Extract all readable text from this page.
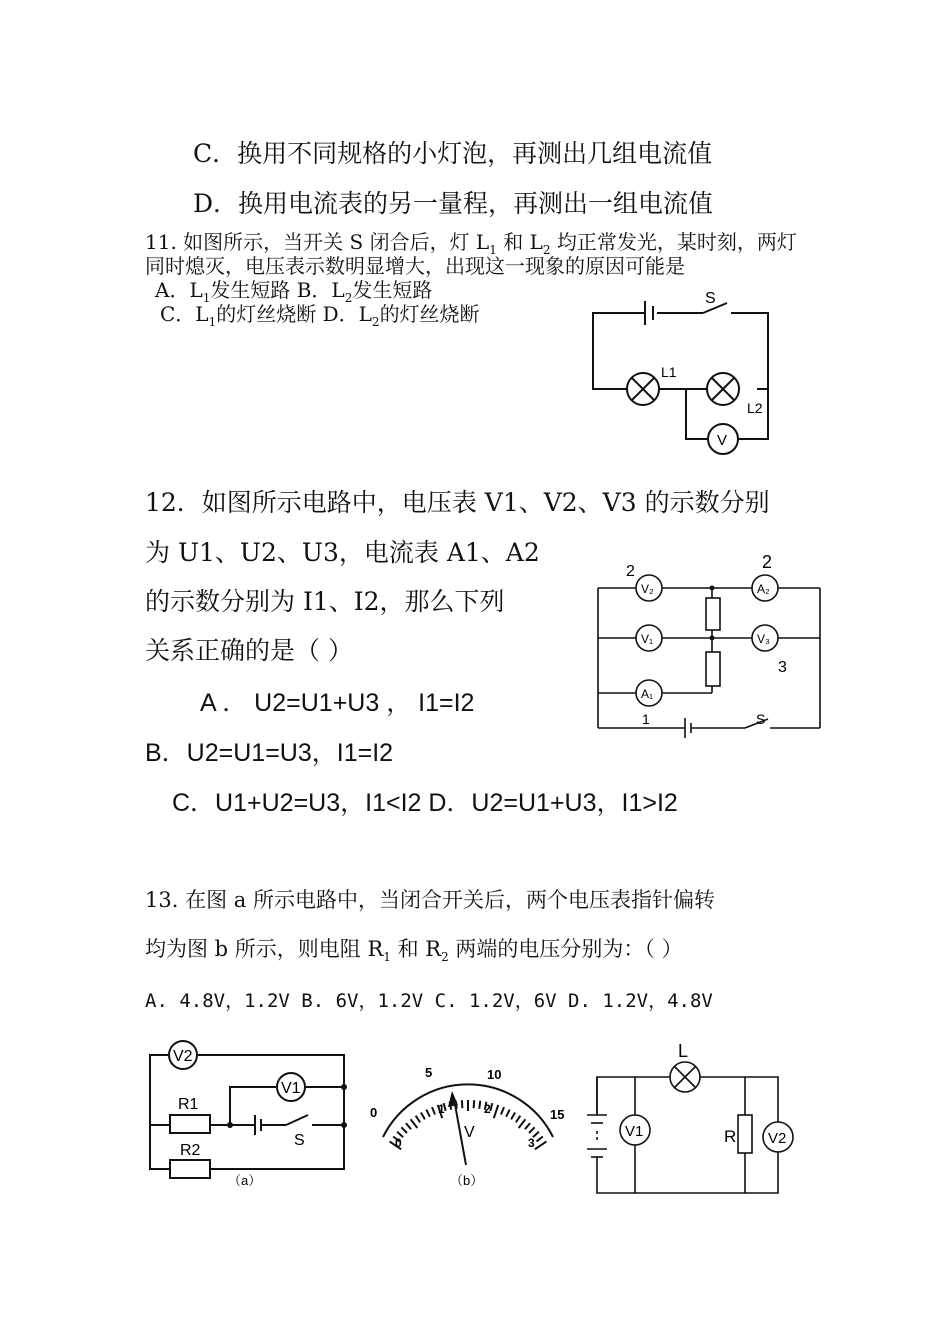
C．换用不同规格的小灯泡，再测出几组电流值
D．换用电流表的另一量程，再测出一组电流值
11. 如图所示，当开关 S 闭合后，灯 $L_1$ 和 $L_2$ 均正常发光，某时刻，两灯
同时熄灭，电压表示数明显增大，出现这一现象的原因可能是
A．$L_1$发生短路 B．$L_2$发生短路
C．$L_1$的灯丝烧断 D．$L_2$的灯丝烧断
S
L1
L2
V
12．如图所示电路中，电压表 V1、V2、V3 的示数分别
为 U1、U2、U3，电流表 A1、A2
的示数分别为 I1、I2，那么下列
关系正确的是（ ）
A ． U2=U1+U3 ， I1=I2
B．U2=U1=U3，I1=I2
C．U1+U2=U3，I1<I2 D．U2=U1+U3，I1>I2
V₂	A₂
V₁	V₃
A₁
S
2	2
3
1
13. 在图 a 所示电路中，当闭合开关后，两个电压表指针偏转
均为图 b 所示，则电阻 $R_1$ 和 $R_2$ 两端的电压分别为：（ ）
A. 4.8V，1.2V B. 6V，1.2V C. 1.2V，6V D. 1.2V，4.8V
V2
V1
R1
R2
S
（a）
0
5	10
15
0
1	2
3
V
（b）
L
V1	R V2
